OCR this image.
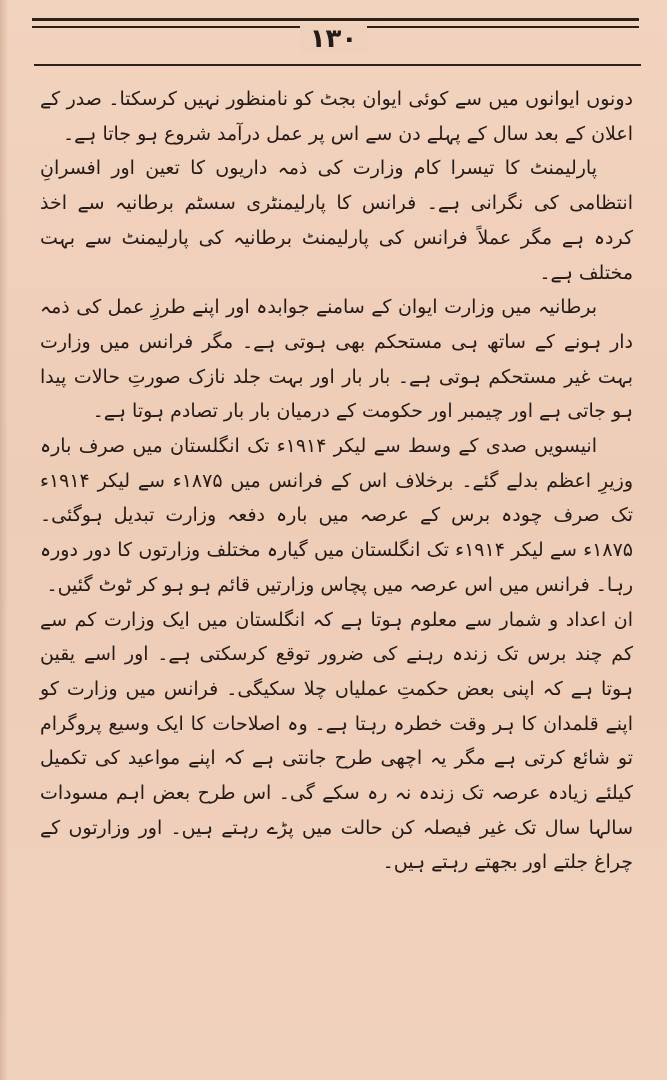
۱۳۰

دونوں ایوانوں میں سے کوئی ایوان بجٹ کو نامنظور نہیں کرسکتا۔ صدر کے اعلان کے بعد سال کے پہلے دن سے اس پر عمل درآمد شروع ہو جاتا ہے۔

پارلیمنٹ کا تیسرا کام وزارت کی ذمہ داریوں کا تعین اور افسرانِ انتظامی کی نگرانی ہے۔ فرانس کا پارلیمنٹری سسٹم برطانیہ سے اخذ کردہ ہے مگر عملاً فرانس کی پارلیمنٹ برطانیہ کی پارلیمنٹ سے بہت مختلف ہے۔

برطانیہ میں وزارت ایوان کے سامنے جوابدہ اور اپنے طرزِ عمل کی ذمہ دار ہونے کے ساتھ ہی مستحکم بھی ہوتی ہے۔ مگر فرانس میں وزارت بہت غیر مستحکم ہوتی ہے۔ بار بار اور بہت جلد نازک صورتِ حالات پیدا ہو جاتی ہے اور چیمبر اور حکومت کے درمیان بار بار تصادم ہوتا ہے۔

انیسویں صدی کے وسط سے لیکر ۱۹۱۴ء تک انگلستان میں صرف بارہ وزیرِ اعظم بدلے گئے۔ برخلاف اس کے فرانس میں ۱۸۷۵ء سے لیکر ۱۹۱۴ء تک صرف چودہ برس کے عرصہ میں بارہ دفعہ وزارت تبدیل ہوگئی۔ ۱۸۷۵ء سے لیکر ۱۹۱۴ء تک انگلستان میں گیارہ مختلف وزارتوں کا دور دورہ رہا۔ فرانس میں اس عرصہ میں پچاس وزارتیں قائم ہو ہو کر ٹوٹ گئیں۔

ان اعداد و شمار سے معلوم ہوتا ہے کہ انگلستان میں ایک وزارت کم سے کم چند برس تک زندہ رہنے کی ضرور توقع کرسکتی ہے۔ اور اسے یقین ہوتا ہے کہ اپنی بعض حکمتِ عملیاں چلا سکیگی۔ فرانس میں وزارت کو اپنے قلمدان کا ہر وقت خطرہ رہتا ہے۔ وہ اصلاحات کا ایک وسیع پروگرام تو شائع کرتی ہے مگر یہ اچھی طرح جانتی ہے کہ اپنے مواعید کی تکمیل کیلئے زیادہ عرصہ تک زندہ نہ رہ سکے گی۔ اس طرح بعض اہم مسودات سالہا سال تک غیر فیصلہ کن حالت میں پڑے رہتے ہیں۔ اور وزارتوں کے چراغ جلتے اور بجھتے رہتے ہیں۔
